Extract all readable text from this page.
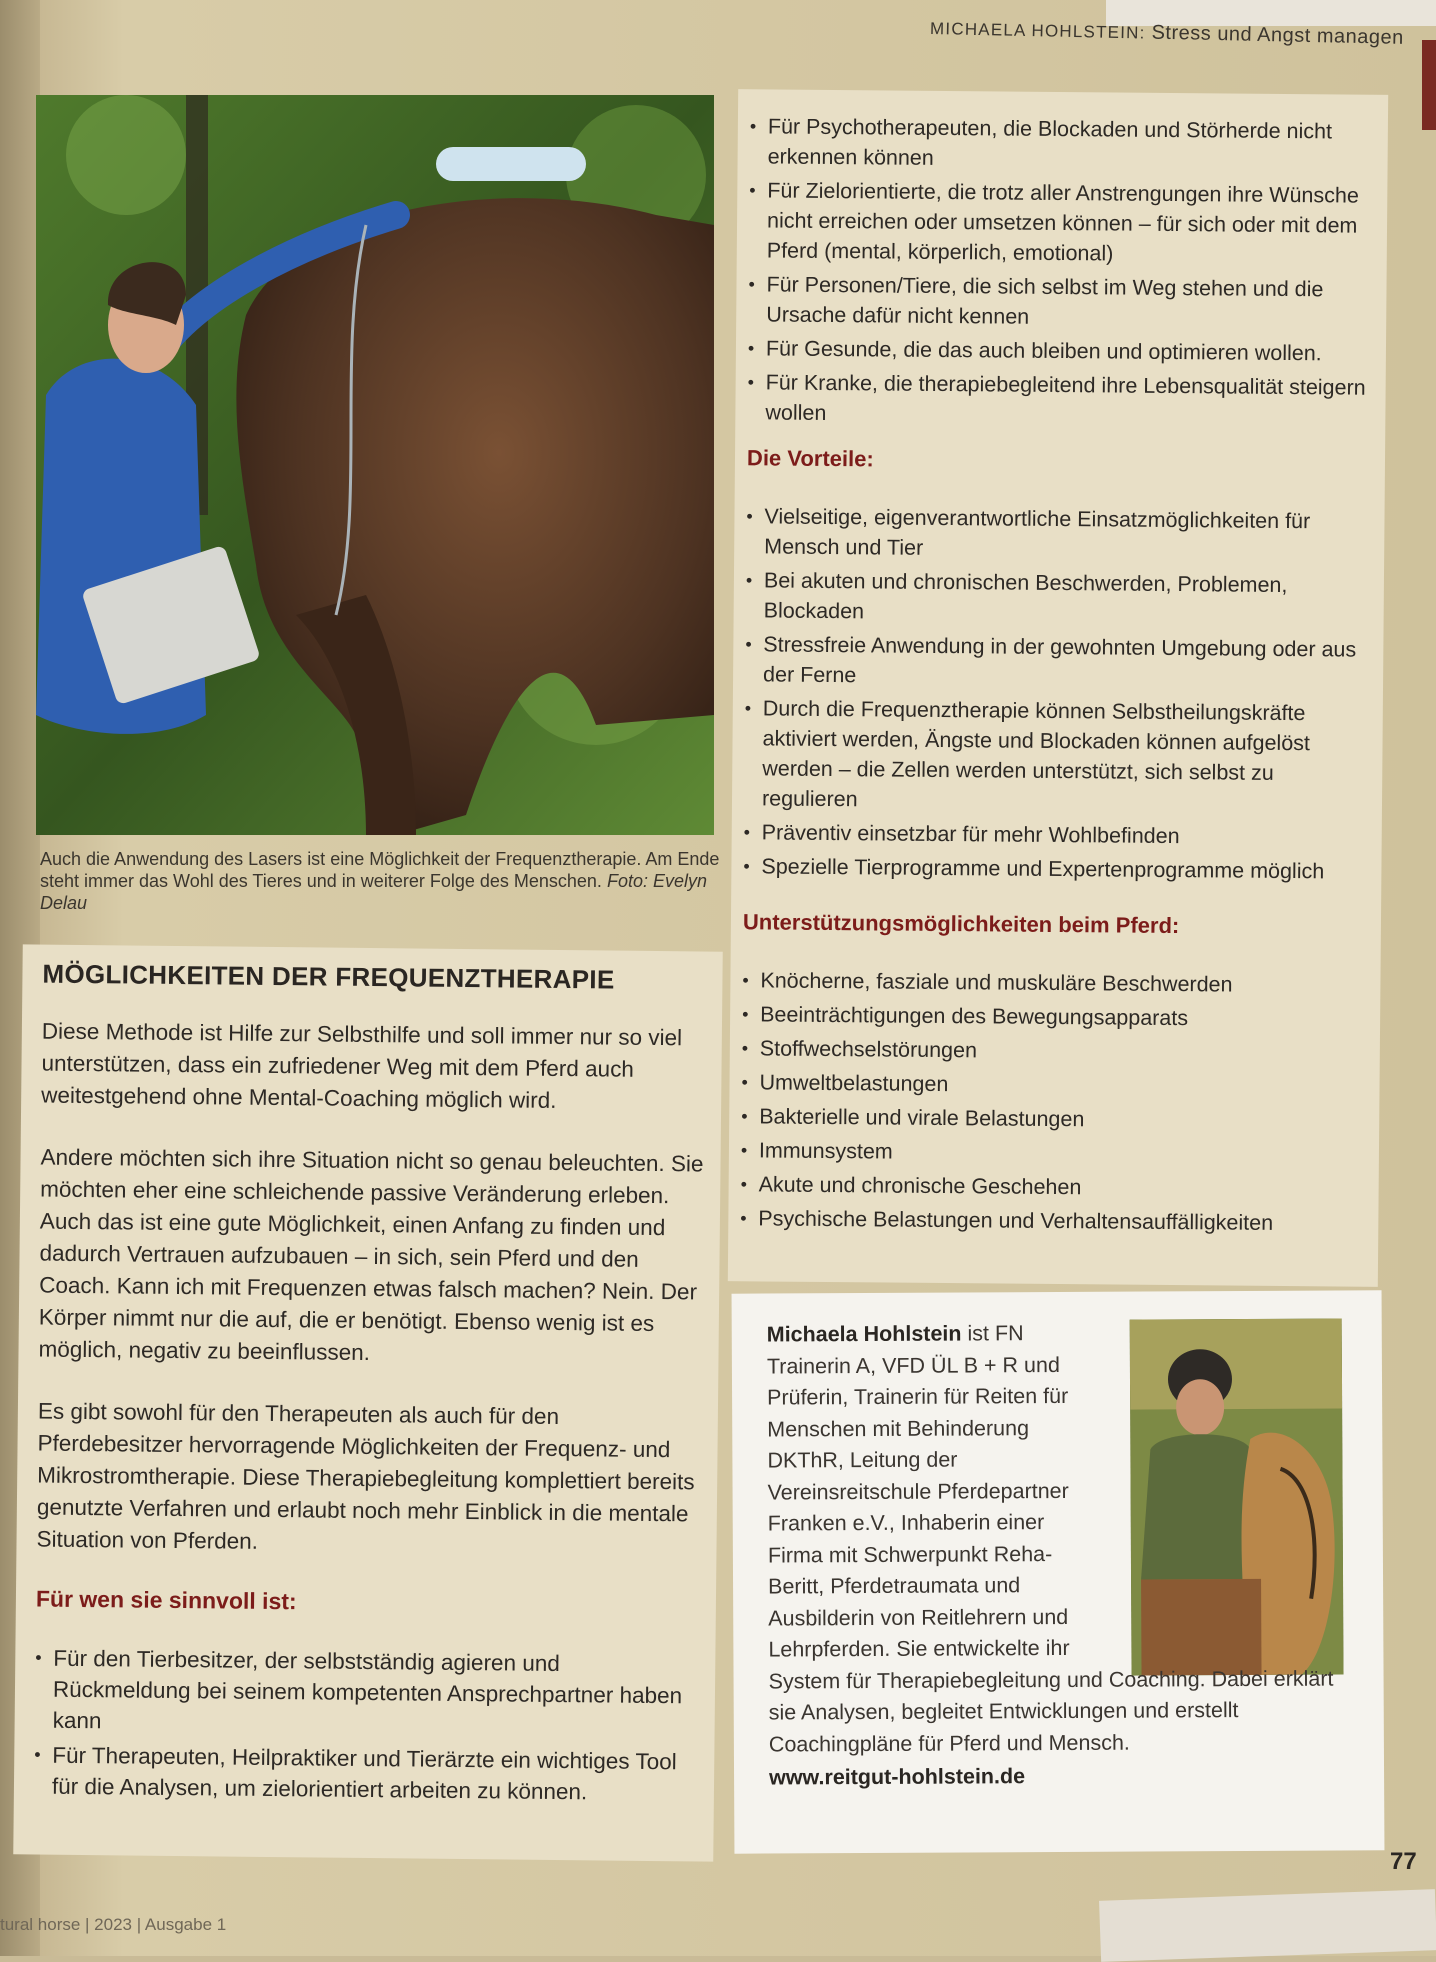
MICHAELA HOHLSTEIN: Stress und Angst managen
Auch die Anwendung des Lasers ist eine Möglichkeit der Frequenztherapie. Am Ende steht immer das Wohl des Tieres und in weiterer Folge des Menschen. Foto: Evelyn Delau
MÖGLICHKEITEN DER FREQUENZTHERAPIE

Diese Methode ist Hilfe zur Selbsthilfe und soll immer nur so viel unterstützen, dass ein zufriedener Weg mit dem Pferd auch weitestgehend ohne Mental-Coaching möglich wird.

Andere möchten sich ihre Situation nicht so genau beleuchten. Sie möchten eher eine schleichende passive Veränderung erleben. Auch das ist eine gute Möglichkeit, einen Anfang zu finden und dadurch Vertrauen aufzubauen – in sich, sein Pferd und den Coach. Kann ich mit Frequenzen etwas falsch machen? Nein. Der Körper nimmt nur die auf, die er benötigt. Ebenso wenig ist es möglich, negativ zu beeinflussen.

Es gibt sowohl für den Therapeuten als auch für den Pferdebesitzer hervorragende Möglichkeiten der Frequenz- und Mikrostromtherapie. Diese Therapiebegleitung komplettiert bereits genutzte Verfahren und erlaubt noch mehr Einblick in die mentale Situation von Pferden.

Für wen sie sinnvoll ist:
• Für den Tierbesitzer, der selbstständig agieren und Rückmeldung bei seinem kompetenten Ansprechpartner haben kann
• Für Therapeuten, Heilpraktiker und Tierärzte ein wichtiges Tool für die Analysen, um zielorientiert arbeiten zu können.
• Für Psychotherapeuten, die Blockaden und Störherde nicht erkennen können
• Für Zielorientierte, die trotz aller Anstrengungen ihre Wünsche nicht erreichen oder umsetzen können – für sich oder mit dem Pferd (mental, körperlich, emotional)
• Für Personen/Tiere, die sich selbst im Weg stehen und die Ursache dafür nicht kennen
• Für Gesunde, die das auch bleiben und optimieren wollen.
• Für Kranke, die therapiebegleitend ihre Lebensqualität steigern wollen
Die Vorteile:
• Vielseitige, eigenverantwortliche Einsatzmöglichkeiten für Mensch und Tier
• Bei akuten und chronischen Beschwerden, Problemen, Blockaden
• Stressfreie Anwendung in der gewohnten Umgebung oder aus der Ferne
• Durch die Frequenztherapie können Selbstheilungskräfte aktiviert werden, Ängste und Blockaden können aufgelöst werden – die Zellen werden unterstützt, sich selbst zu regulieren
• Präventiv einsetzbar für mehr Wohlbefinden
• Spezielle Tierprogramme und Expertenprogramme möglich
Unterstützungsmöglichkeiten beim Pferd:
• Knöcherne, fasziale und muskuläre Beschwerden
• Beeinträchtigungen des Bewegungsapparats
• Stoffwechselstörungen
• Umweltbelastungen
• Bakterielle und virale Belastungen
• Immunsystem
• Akute und chronische Geschehen
• Psychische Belastungen und Verhaltensauffälligkeiten
Michaela Hohlstein ist FN Trainerin A, VFD ÜL B + R und Prüferin, Trainerin für Reiten für Menschen mit Behinderung DKThR, Leitung der Vereinsreitschule Pferdepartner Franken e.V., Inhaberin einer Firma mit Schwerpunkt Reha-Beritt, Pferdetraumata und Ausbilderin von Reitlehrern und Lehrpferden. Sie entwickelte ihr System für Therapiebegleitung und Coaching. Dabei erklärt sie Analysen, begleitet Entwicklungen und erstellt Coachingpläne für Pferd und Mensch.
www.reitgut-hohlstein.de
77
tural horse | 2023 | Ausgabe 1
